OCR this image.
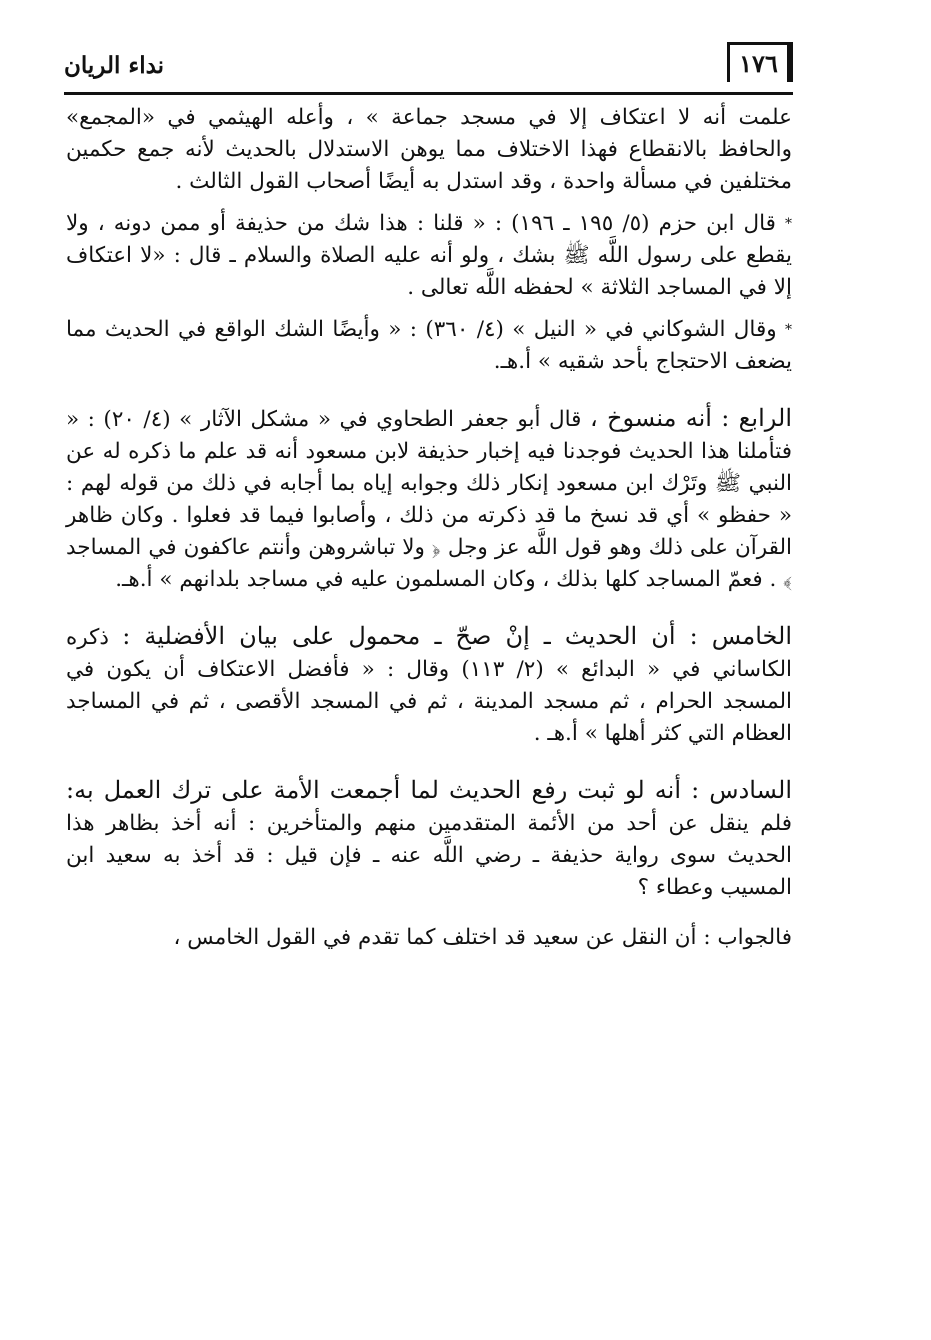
١٧٦
نداء الريان

علمت أنه لا اعتكاف إلا في مسجد جماعة » ، وأعله الهيثمي في «المجمع» والحافظ بالانقطاع فهذا الاختلاف مما يوهن الاستدلال بالحديث لأنه جمع حكمين مختلفين في مسألة واحدة ، وقد استدل به أيضًا أصحاب القول الثالث .

* قال ابن حزم (٥/ ١٩٥ ـ ١٩٦) : « قلنا : هذا شك من حذيفة أو ممن دونه ، ولا يقطع على رسول اللَّه ﷺ بشك ، ولو أنه عليه الصلاة والسلام ـ قال : «لا اعتكاف إلا في المساجد الثلاثة » لحفظه اللَّه تعالى .

* وقال الشوكاني في « النيل » (٤/ ٣٦٠) : « وأيضًا الشك الواقع في الحديث مما يضعف الاحتجاج بأحد شقيه » أ.هـ.

الرابع : أنه منسوخ ، قال أبو جعفر الطحاوي في « مشكل الآثار » (٤/ ٢٠) : « فتأملنا هذا الحديث فوجدنا فيه إخبار حذيفة لابن مسعود أنه قد علم ما ذكره له عن النبي ﷺ وتَرْك ابن مسعود إنكار ذلك وجوابه إياه بما أجابه في ذلك من قوله لهم : « حفظو » أي قد نسخ ما قد ذكرته من ذلك ، وأصابوا فيما قد فعلوا . وكان ظاهر القرآن على ذلك وهو قول اللَّه عز وجل ﴿ ولا تباشروهن وأنتم عاكفون في المساجد ﴾ . فعمّ المساجد كلها بذلك ، وكان المسلمون عليه في مساجد بلدانهم » أ.هـ.

الخامس : أن الحديث ـ إنْ صحّ ـ محمول على بيان الأفضلية : ذكره الكاساني في « البدائع » (٢/ ١١٣) وقال : « فأفضل الاعتكاف أن يكون في المسجد الحرام ، ثم مسجد المدينة ، ثم في المسجد الأقصى ، ثم في المساجد العظام التي كثر أهلها » أ.هـ .

السادس : أنه لو ثبت رفع الحديث لما أجمعت الأمة على ترك العمل به: فلم ينقل عن أحد من الأئمة المتقدمين منهم والمتأخرين : أنه أخذ بظاهر هذا الحديث سوى رواية حذيفة ـ رضي اللَّه عنه ـ فإن قيل : قد أخذ به سعيد ابن المسيب وعطاء ؟

فالجواب : أن النقل عن سعيد قد اختلف كما تقدم في القول الخامس ،
